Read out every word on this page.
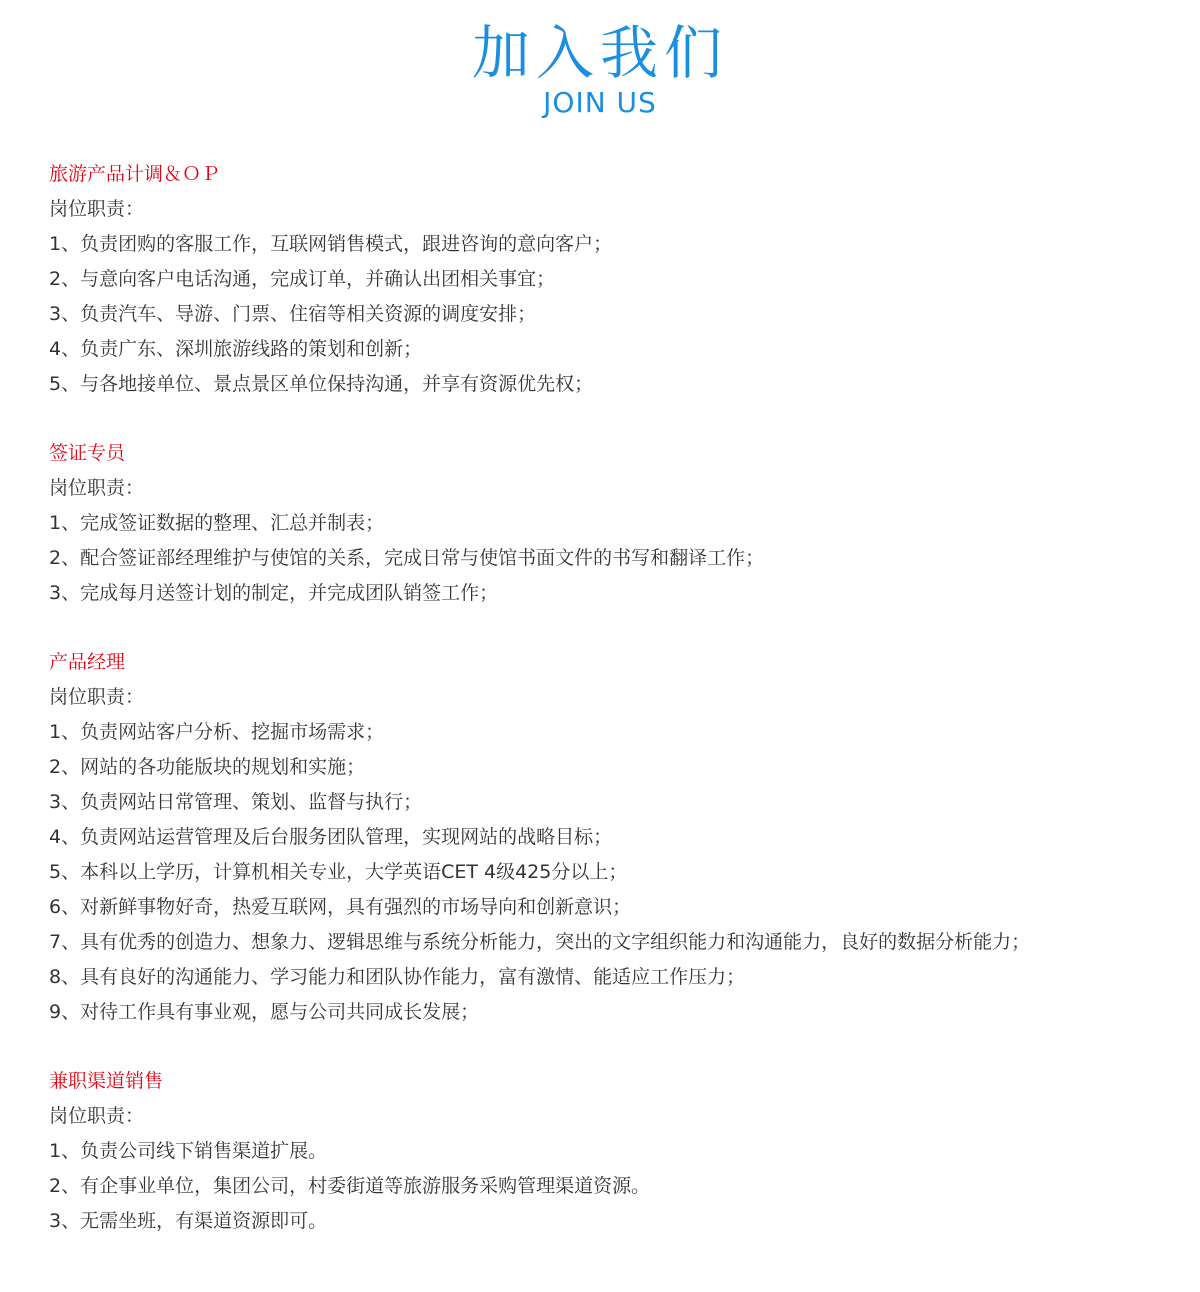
加入我们
JOIN US
旅游产品计调＆ＯＰ
岗位职责：
1、负责团购的客服工作，互联网销售模式，跟进咨询的意向客户；
2、与意向客户电话沟通，完成订单，并确认出团相关事宜；
3、负责汽车、导游、门票、住宿等相关资源的调度安排；
4、负责广东、深圳旅游线路的策划和创新；
5、与各地接单位、景点景区单位保持沟通，并享有资源优先权；
签证专员
岗位职责：
1、完成签证数据的整理、汇总并制表；
2、配合签证部经理维护与使馆的关系，完成日常与使馆书面文件的书写和翻译工作；
3、完成每月送签计划的制定，并完成团队销签工作；
产品经理
岗位职责：
1、负责网站客户分析、挖掘市场需求；
2、网站的各功能版块的规划和实施；
3、负责网站日常管理、策划、监督与执行；
4、负责网站运营管理及后台服务团队管理，实现网站的战略目标；
5、本科以上学历，计算机相关专业，大学英语CET 4级425分以上；
6、对新鲜事物好奇，热爱互联网，具有强烈的市场导向和创新意识；
7、具有优秀的创造力、想象力、逻辑思维与系统分析能力，突出的文字组织能力和沟通能力，良好的数据分析能力；
8、具有良好的沟通能力、学习能力和团队协作能力，富有激情、能适应工作压力；
9、对待工作具有事业观，愿与公司共同成长发展；
兼职渠道销售
岗位职责：
1、负责公司线下销售渠道扩展。
2、有企事业单位，集团公司，村委街道等旅游服务采购管理渠道资源。
3、无需坐班，有渠道资源即可。
